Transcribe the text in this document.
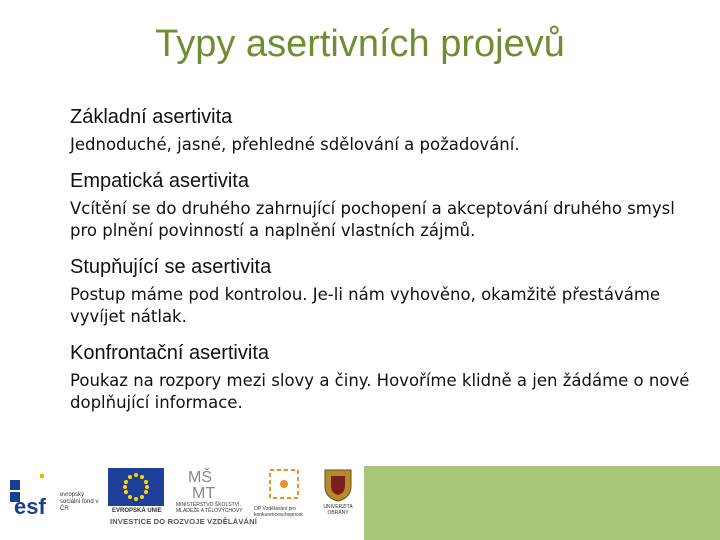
Typy asertivních projevů

Základní asertivita

Jednoduché, jasné, přehledné sdělování a požadování.

Empatická asertivita

Vcítění se do druhého zahrnující pochopení a akceptování druhého smysl pro plnění povinností a naplnění vlastních zájmů.

Stupňující se asertivita

Postup máme pod kontrolou. Je-li nám vyhověno, okamžitě přestáváme vyvíjet nátlak.

Konfrontační asertivita

Poukaz na rozpory mezi slovy a činy. Hovoříme klidně a jen žádáme o nové doplňující informace.

esf evropský sociální fond v ČR	EVROPSKÁ UNIE
MŠ
MT
MINISTERSTVO ŠKOLSTVÍ, MLÁDEŽE A TĚLOVÝCHOVY	OP Vzdělávání pro konkurenceschopnost
UNIVERZITA OBRANY
INVESTICE DO ROZVOJE VZDĚLÁVÁNÍ
